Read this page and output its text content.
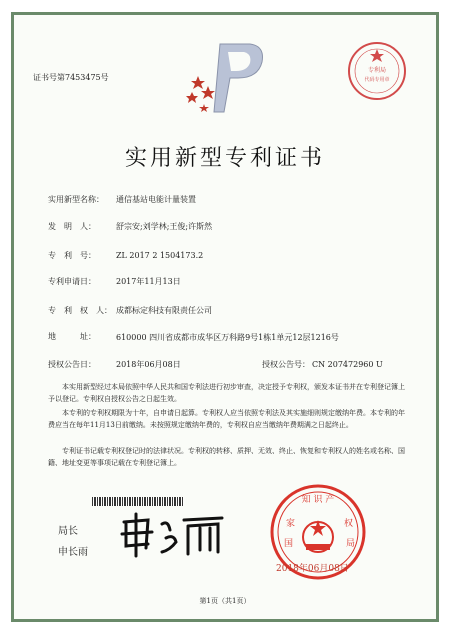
专利局
代码专用章
证书号第7453475号
实用新型专利证书
实用新型名称： 通信基站电能计量装置
发　明　人：	舒宗安;刘学林;王俊;许斯然
专　利　号：	ZL 2017 2 1504173.2
专利申请日：	2017年11月13日
专　利　权　人： 成都标定科技有限责任公司
地　　　址：	610000 四川省成都市成华区万科路9号1栋1单元12层1216号
授权公告日：	2018年06月08日	授权公告号： CN 207472960 U
本实用新型经过本局依照中华人民共和国专利法进行初步审查，决定授予专利权，颁发本证书并在专利登记簿上予以登记。专利权自授权公告之日起生效。
本专利的专利权期限为十年，自申请日起算。专利权人应当依照专利法及其实施细则规定缴纳年费。本专利的年费应当在每年11月13日前缴纳。未按照规定缴纳年费的，专利权自应当缴纳年费期满之日起终止。
专利证书记载专利权登记时的法律状况。专利权的转移、质押、无效、终止、恢复和专利权人的姓名或名称、国籍、地址变更等事项记载在专利登记簿上。
局长
申长雨
知 识 产
家	权
国	局
2018年06月08日
第1页（共1页）
